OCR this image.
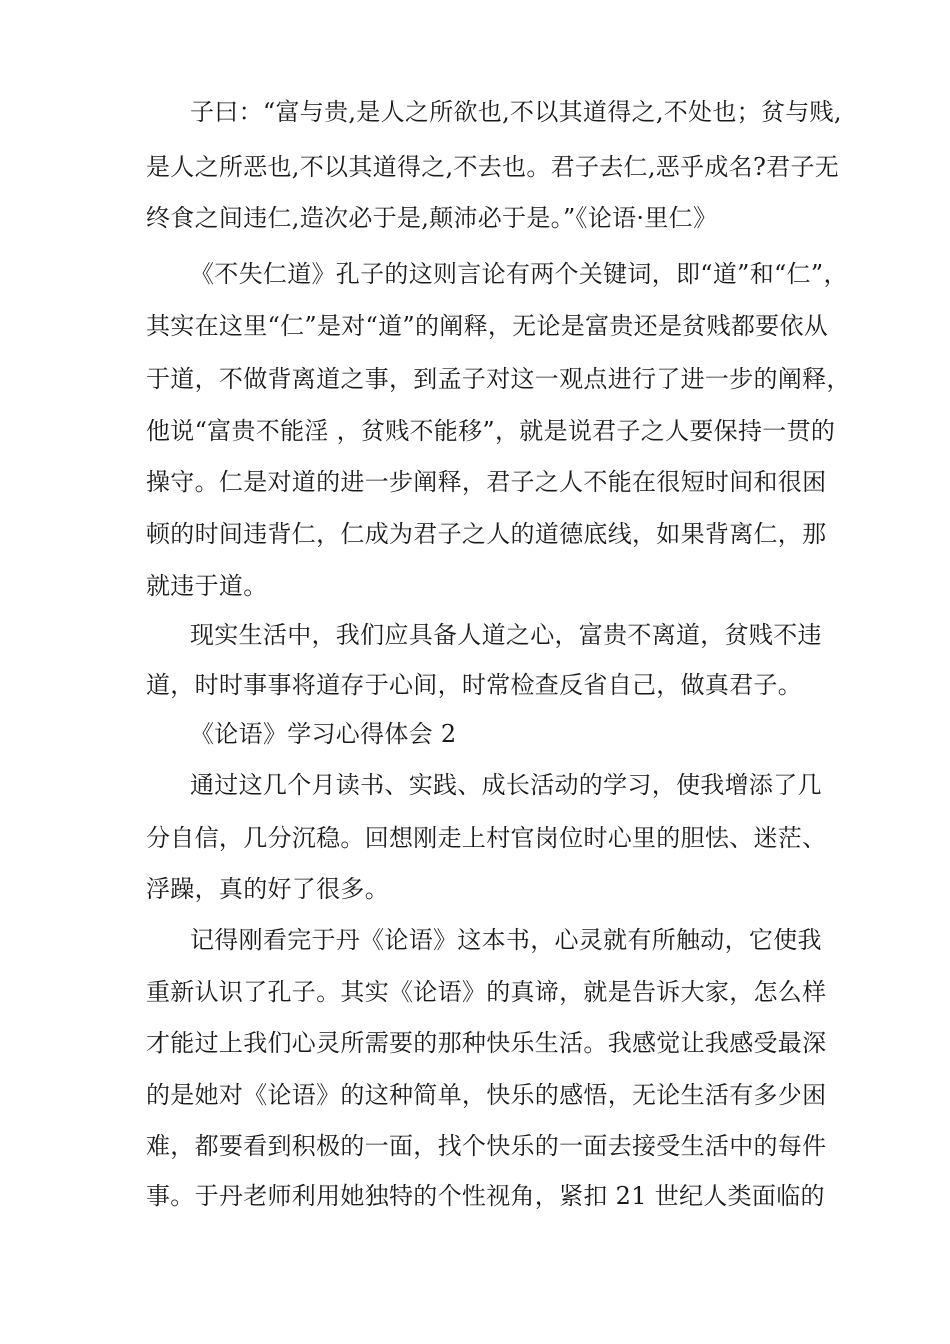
子曰：“富与贵,是人之所欲也,不以其道得之,不处也；贫与贱,
是人之所恶也,不以其道得之,不去也。君子去仁,恶乎成名?君子无
终食之间违仁,造次必于是,颠沛必于是。”《论语·里仁》
《不失仁道》孔子的这则言论有两个关键词，即“道”和“仁”，
其实在这里“仁”是对“道”的阐释，无论是富贵还是贫贱都要依从
于道，不做背离道之事，到孟子对这一观点进行了进一步的阐释，
他说“富贵不能淫 ，贫贱不能移”，就是说君子之人要保持一贯的
操守。仁是对道的进一步阐释，君子之人不能在很短时间和很困
顿的时间违背仁，仁成为君子之人的道德底线，如果背离仁，那
就违于道。
现实生活中，我们应具备人道之心，富贵不离道，贫贱不违
道，时时事事将道存于心间，时常检查反省自己，做真君子。
《论语》学习心得体会 2
通过这几个月读书、实践、成长活动的学习，使我增添了几
分自信，几分沉稳。回想刚走上村官岗位时心里的胆怯、迷茫、
浮躁，真的好了很多。
记得刚看完于丹《论语》这本书，心灵就有所触动，它使我
重新认识了孔子。其实《论语》的真谛，就是告诉大家，怎么样
才能过上我们心灵所需要的那种快乐生活。我感觉让我感受最深
的是她对《论语》的这种简单，快乐的感悟，无论生活有多少困
难，都要看到积极的一面，找个快乐的一面去接受生活中的每件
事。于丹老师利用她独特的个性视角，紧扣 21 世纪人类面临的
